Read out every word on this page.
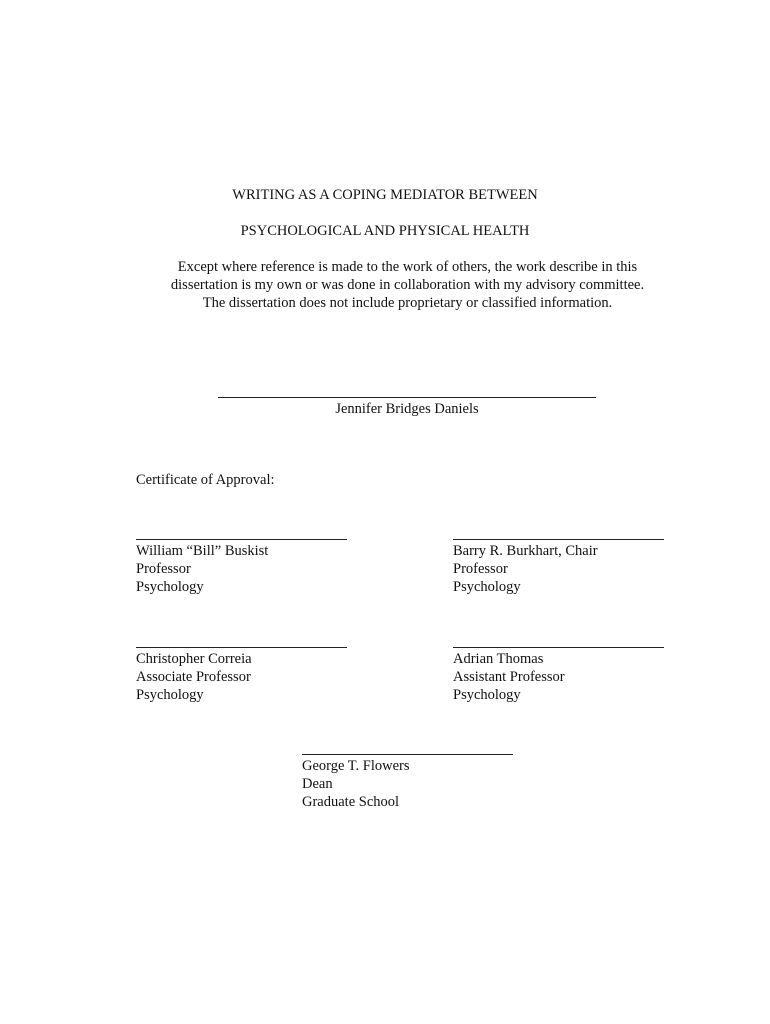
WRITING AS A COPING MEDIATOR BETWEEN
PSYCHOLOGICAL AND PHYSICAL HEALTH
Except where reference is made to the work of others, the work describe in this
dissertation is my own or was done in collaboration with my advisory committee.
The dissertation does not include proprietary or classified information.
Jennifer Bridges Daniels
Certificate of Approval:
William “Bill” Buskist
Professor
Psychology
Barry R. Burkhart, Chair
Professor
Psychology
Christopher Correia
Associate Professor
Psychology
Adrian Thomas
Assistant Professor
Psychology
George T. Flowers
Dean
Graduate School
